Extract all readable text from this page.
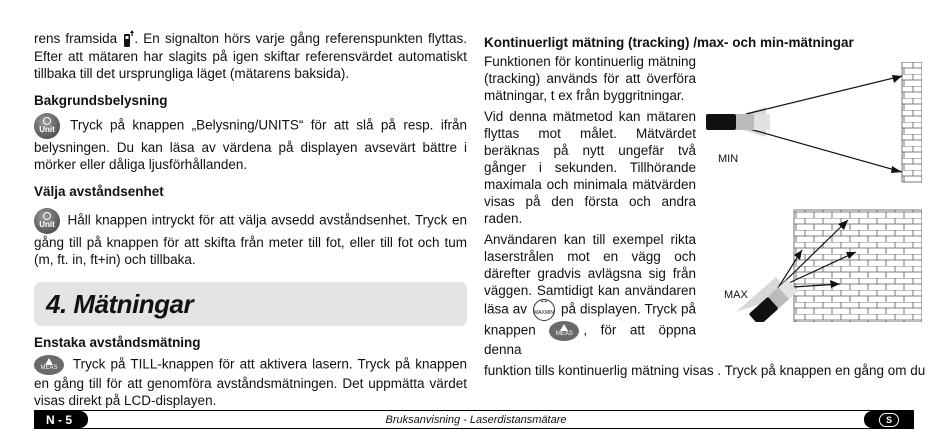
rens framsida . En signalton hörs varje gång referenspunkten flyttas. Efter att mätaren har slagits på igen skiftar referensvärdet automatiskt tillbaka till det ursprungliga läget (mätarens baksida).

Bakgrundsbelysning

Unit Tryck på knappen „Belysning/UNITS“ för att slå på resp. ifrån belysningen. Du kan läsa av värdena på displayen avsevärt bättre i mörker eller dåliga ljusförhållanden.

Välja avståndsenhet

Unit Håll knappen intryckt för att välja avsedd avståndsenhet. Tryck en gång till på knappen för att skifta från meter till fot, eller till fot och tum (m, ft. in, ft+in) och tillbaka.

4. Mätningar

Enstaka avståndsmätning

MEAS Tryck på TILL-knappen för att aktivera lasern. Tryck på knappen en gång till för att genomföra avståndsmätningen. Det uppmätta värdet visas direkt på LCD-displayen.

Kontinuerligt mätning (tracking) /max- och min-mätningar

Funktionen för kontinuerlig mätning (tracking) används för att överföra mätningar, t ex från byggritningar.

Vid denna mätmetod kan mätaren flyttas mot målet. Mätvärdet beräknas på nytt ungefär två gånger i sekunden. Tillhörande maximala och minimala mätvärden visas på den första och andra raden.

Användaren kan till exempel rikta laserstrålen mot en vägg och därefter gradvis avlägsna sig från väggen. Samtidigt kan användaren läsa av ↔ MAXMIN på displayen. Tryck på knappen	MEAS , för att öppna denna

funktion tills kontinuerlig mätning visas . Tryck på knappen en gång om du

MIN
MAX
N - 5	Bruksanvisning - Laserdistansmätare	S
